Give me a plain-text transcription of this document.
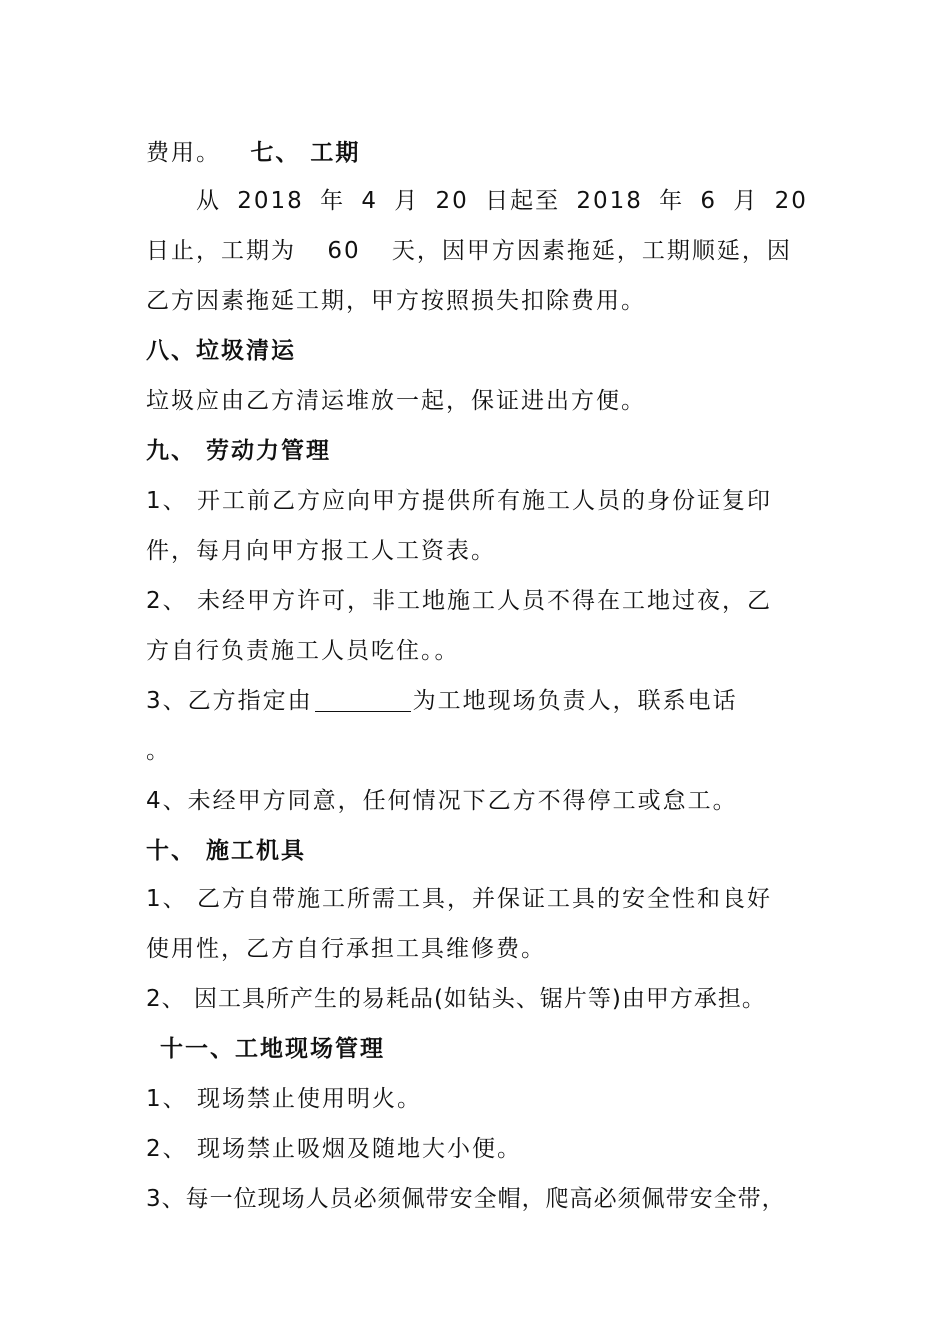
费用。 七、 工期
从 2018 年 4 月 20 日起至 2018 年 6 月 20
日止，工期为 60 天，因甲方因素拖延，工期顺延，因
乙方因素拖延工期，甲方按照损失扣除费用。
八、垃圾清运
垃圾应由乙方清运堆放一起，保证进出方便。
九、 劳动力管理
1、 开工前乙方应向甲方提供所有施工人员的身份证复印
件，每月向甲方报工人工资表。
2、 未经甲方许可，非工地施工人员不得在工地过夜，乙
方自行负责施工人员吃住。。
3、乙方指定由	为工地现场负责人，联系电话
。
4、未经甲方同意，任何情况下乙方不得停工或怠工。
十、 施工机具
1、 乙方自带施工所需工具，并保证工具的安全性和良好
使用性，乙方自行承担工具维修费。
2、 因工具所产生的易耗品(如钻头、锯片等)由甲方承担。
十一、工地现场管理
1、 现场禁止使用明火。
2、 现场禁止吸烟及随地大小便。
3、每一位现场人员必须佩带安全帽，爬高必须佩带安全带，
